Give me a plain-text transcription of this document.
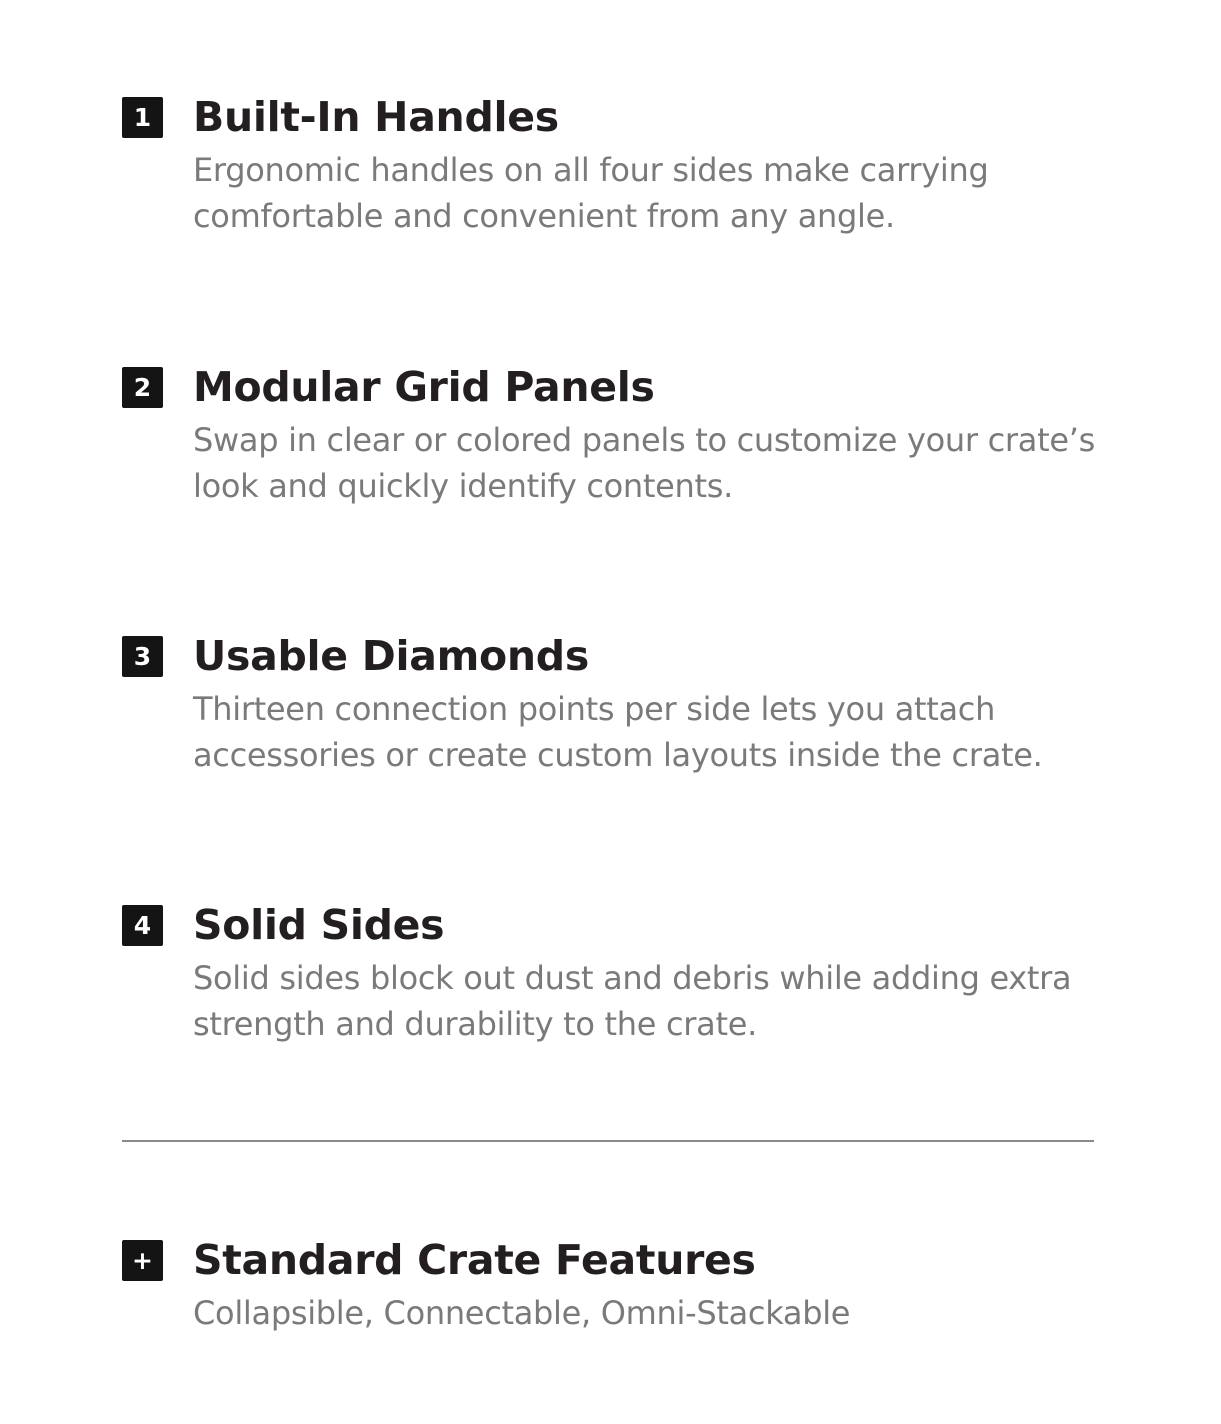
1 Built-In Handles

Ergonomic handles on all four sides make carrying comfortable and convenient from any angle.

2 Modular Grid Panels

Swap in clear or colored panels to customize your crate’s look and quickly identify contents.

3 Usable Diamonds

Thirteen connection points per side lets you attach accessories or create custom layouts inside the crate.

4 Solid Sides

Solid sides block out dust and debris while adding extra strength and durability to the crate.

+ Standard Crate Features

Collapsible, Connectable, Omni-Stackable
